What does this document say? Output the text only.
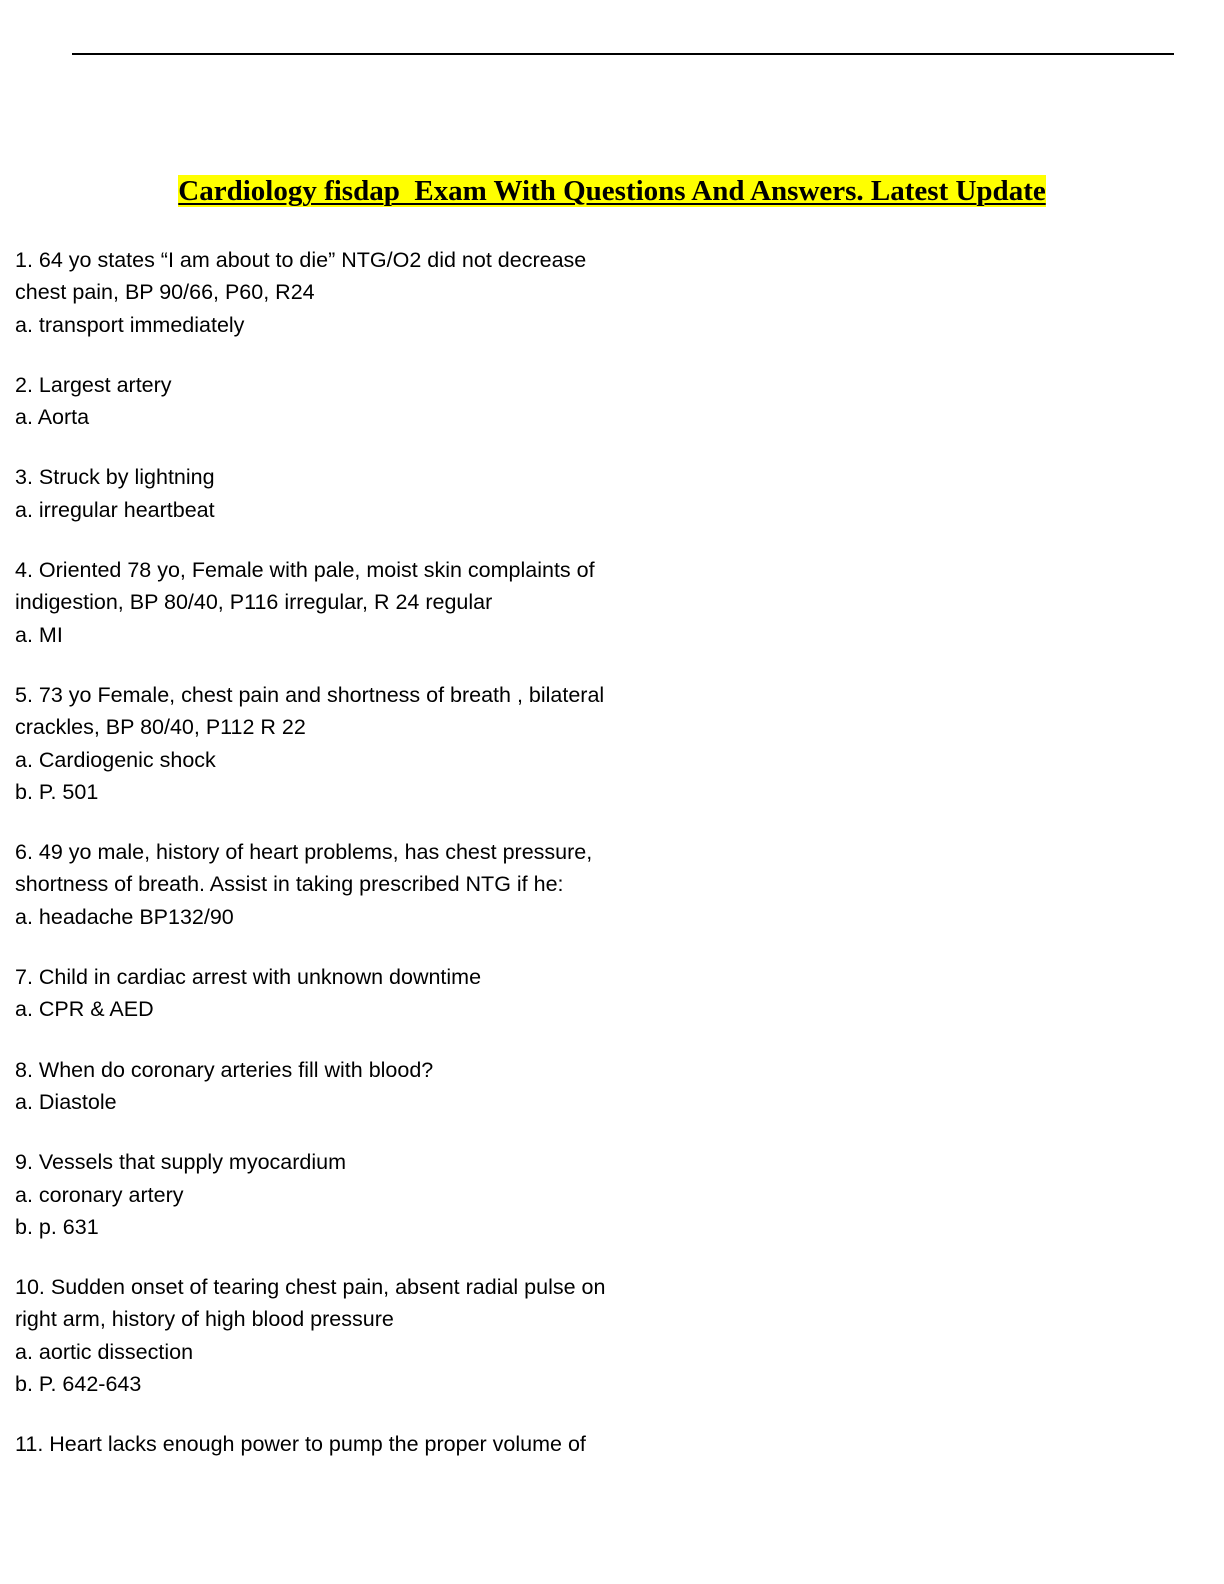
Cardiology fisdap  Exam With Questions And Answers. Latest Update
1. 64 yo states “I am about to die” NTG/O2 did not decrease
chest pain, BP 90/66, P60, R24
a. transport immediately
2. Largest artery
a. Aorta
3. Struck by lightning
a. irregular heartbeat
4. Oriented 78 yo, Female with pale, moist skin complaints of
indigestion, BP 80/40, P116 irregular, R 24 regular
a. MI
5. 73 yo Female, chest pain and shortness of breath , bilateral
crackles, BP 80/40, P112 R 22
a. Cardiogenic shock
b. P. 501
6. 49 yo male, history of heart problems, has chest pressure,
shortness of breath. Assist in taking prescribed NTG if he:
a. headache BP132/90
7. Child in cardiac arrest with unknown downtime
a. CPR & AED
8. When do coronary arteries fill with blood?
a. Diastole
9. Vessels that supply myocardium
a. coronary artery
b. p. 631
10. Sudden onset of tearing chest pain, absent radial pulse on
right arm, history of high blood pressure
a. aortic dissection
b. P. 642-643
11. Heart lacks enough power to pump the proper volume of
